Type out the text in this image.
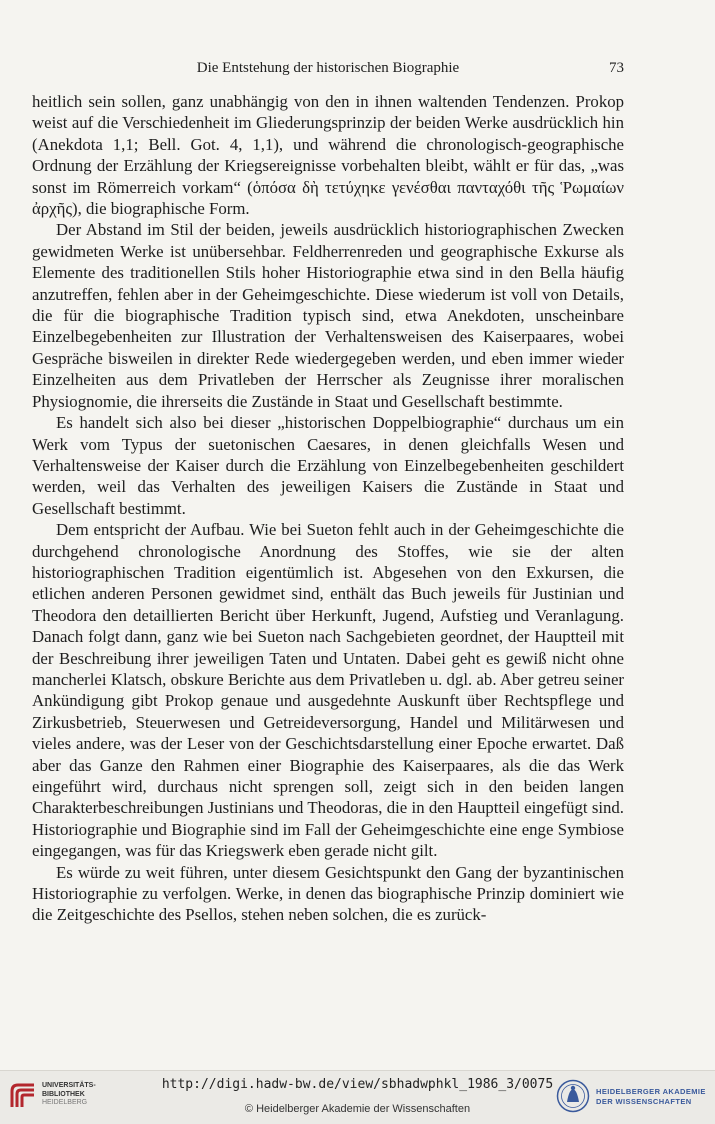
Die Entstehung der historischen Biographie	73

heitlich sein sollen, ganz unabhängig von den in ihnen waltenden Tendenzen. Prokop weist auf die Verschiedenheit im Gliederungsprinzip der beiden Werke ausdrücklich hin (Anekdota 1,1; Bell. Got. 4, 1,1), und während die chronologisch-geographische Ordnung der Erzählung der Kriegsereignisse vorbehalten bleibt, wählt er für das, „was sonst im Römerreich vorkam“ (ὁπόσα δὴ τετύχηκε γενέσθαι πανταχόθι τῆς Ῥωμαίων ἀρχῆς), die biographische Form.

Der Abstand im Stil der beiden, jeweils ausdrücklich historiographischen Zwecken gewidmeten Werke ist unübersehbar. Feldherrenreden und geographische Exkurse als Elemente des traditionellen Stils hoher Historiographie etwa sind in den Bella häufig anzutreffen, fehlen aber in der Geheimgeschichte. Diese wiederum ist voll von Details, die für die biographische Tradition typisch sind, etwa Anekdoten, unscheinbare Einzelbegebenheiten zur Illustration der Verhaltensweisen des Kaiserpaares, wobei Gespräche bisweilen in direkter Rede wiedergegeben werden, und eben immer wieder Einzelheiten aus dem Privatleben der Herrscher als Zeugnisse ihrer moralischen Physiognomie, die ihrerseits die Zustände in Staat und Gesellschaft bestimmte.

Es handelt sich also bei dieser „historischen Doppelbiographie“ durchaus um ein Werk vom Typus der suetonischen Caesares, in denen gleichfalls Wesen und Verhaltensweise der Kaiser durch die Erzählung von Einzelbegebenheiten geschildert werden, weil das Verhalten des jeweiligen Kaisers die Zustände in Staat und Gesellschaft bestimmt.

Dem entspricht der Aufbau. Wie bei Sueton fehlt auch in der Geheimgeschichte die durchgehend chronologische Anordnung des Stoffes, wie sie der alten historiographischen Tradition eigentümlich ist. Abgesehen von den Exkursen, die etlichen anderen Personen gewidmet sind, enthält das Buch jeweils für Justinian und Theodora den detaillierten Bericht über Herkunft, Jugend, Aufstieg und Veranlagung. Danach folgt dann, ganz wie bei Sueton nach Sachgebieten geordnet, der Hauptteil mit der Beschreibung ihrer jeweiligen Taten und Untaten. Dabei geht es gewiß nicht ohne mancherlei Klatsch, obskure Berichte aus dem Privatleben u. dgl. ab. Aber getreu seiner Ankündigung gibt Prokop genaue und ausgedehnte Auskunft über Rechtspflege und Zirkusbetrieb, Steuerwesen und Getreideversorgung, Handel und Militärwesen und vieles andere, was der Leser von der Geschichtsdarstellung einer Epoche erwartet. Daß aber das Ganze den Rahmen einer Biographie des Kaiserpaares, als die das Werk eingeführt wird, durchaus nicht sprengen soll, zeigt sich in den beiden langen Charakterbeschreibungen Justinians und Theodoras, die in den Hauptteil eingefügt sind. Historiographie und Biographie sind im Fall der Geheimgeschichte eine enge Symbiose eingegangen, was für das Kriegswerk eben gerade nicht gilt.

Es würde zu weit führen, unter diesem Gesichtspunkt den Gang der byzantinischen Historiographie zu verfolgen. Werke, in denen das biographische Prinzip dominiert wie die Zeitgeschichte des Psellos, stehen neben solchen, die es zurück-

UNIVERSITÄTS-
BIBLIOTHEK
HEIDELBERG
http://digi.hadw-bw.de/view/sbhadwphkl_1986_3/0075
© Heidelberger Akademie der Wissenschaften
HEIDELBERGER AKADEMIE
DER WISSENSCHAFTEN
